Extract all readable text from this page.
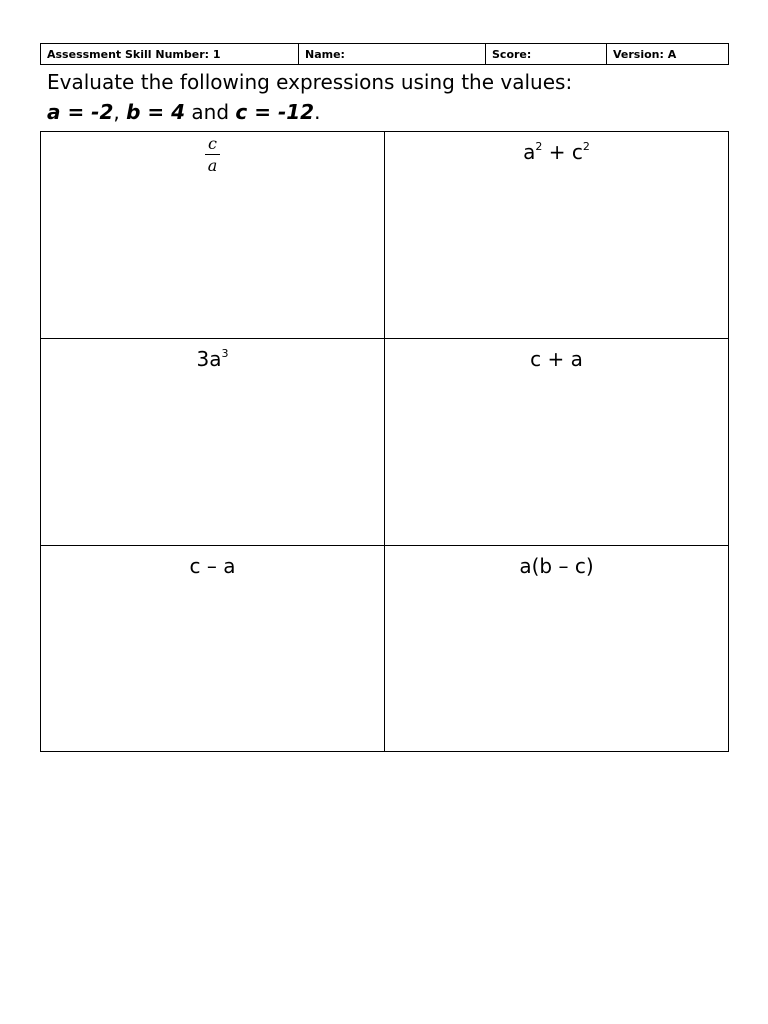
Assessment Skill Number: 1	Name:	Score:	Version: A
Evaluate the following expressions using the values:
a = -2, b = 4 and c = -12.
$\frac{c}{a}$	$a^2 + c^2$
$3a^3$	c + a
c – a	a(b – c)
